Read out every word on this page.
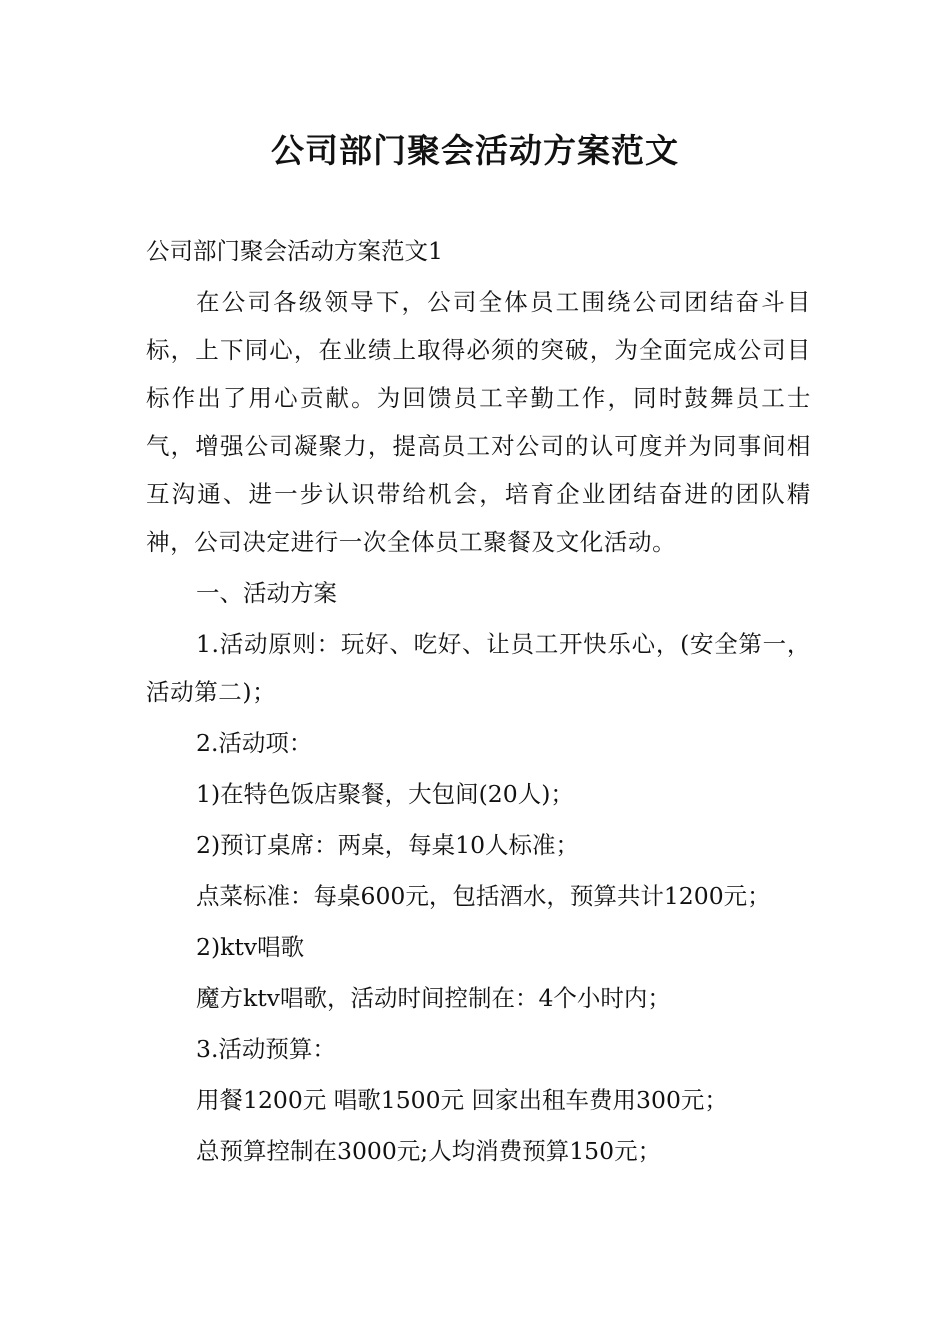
公司部门聚会活动方案范文

公司部门聚会活动方案范文1

在公司各级领导下，公司全体员工围绕公司团结奋斗目标，上下同心，在业绩上取得必须的突破，为全面完成公司目标作出了用心贡献。为回馈员工辛勤工作，同时鼓舞员工士气，增强公司凝聚力，提高员工对公司的认可度并为同事间相互沟通、进一步认识带给机会，培育企业团结奋进的团队精神，公司决定进行一次全体员工聚餐及文化活动。

一、活动方案

1.活动原则：玩好、吃好、让员工开快乐心，(安全第一，活动第二)；

2.活动项：

1)在特色饭店聚餐，大包间(20人)；

2)预订桌席：两桌，每桌10人标准；

点菜标准：每桌600元，包括酒水，预算共计1200元；

2)ktv唱歌

魔方ktv唱歌，活动时间控制在：4个小时内；

3.活动预算：

用餐1200元 唱歌1500元 回家出租车费用300元；

总预算控制在3000元;人均消费预算150元；
